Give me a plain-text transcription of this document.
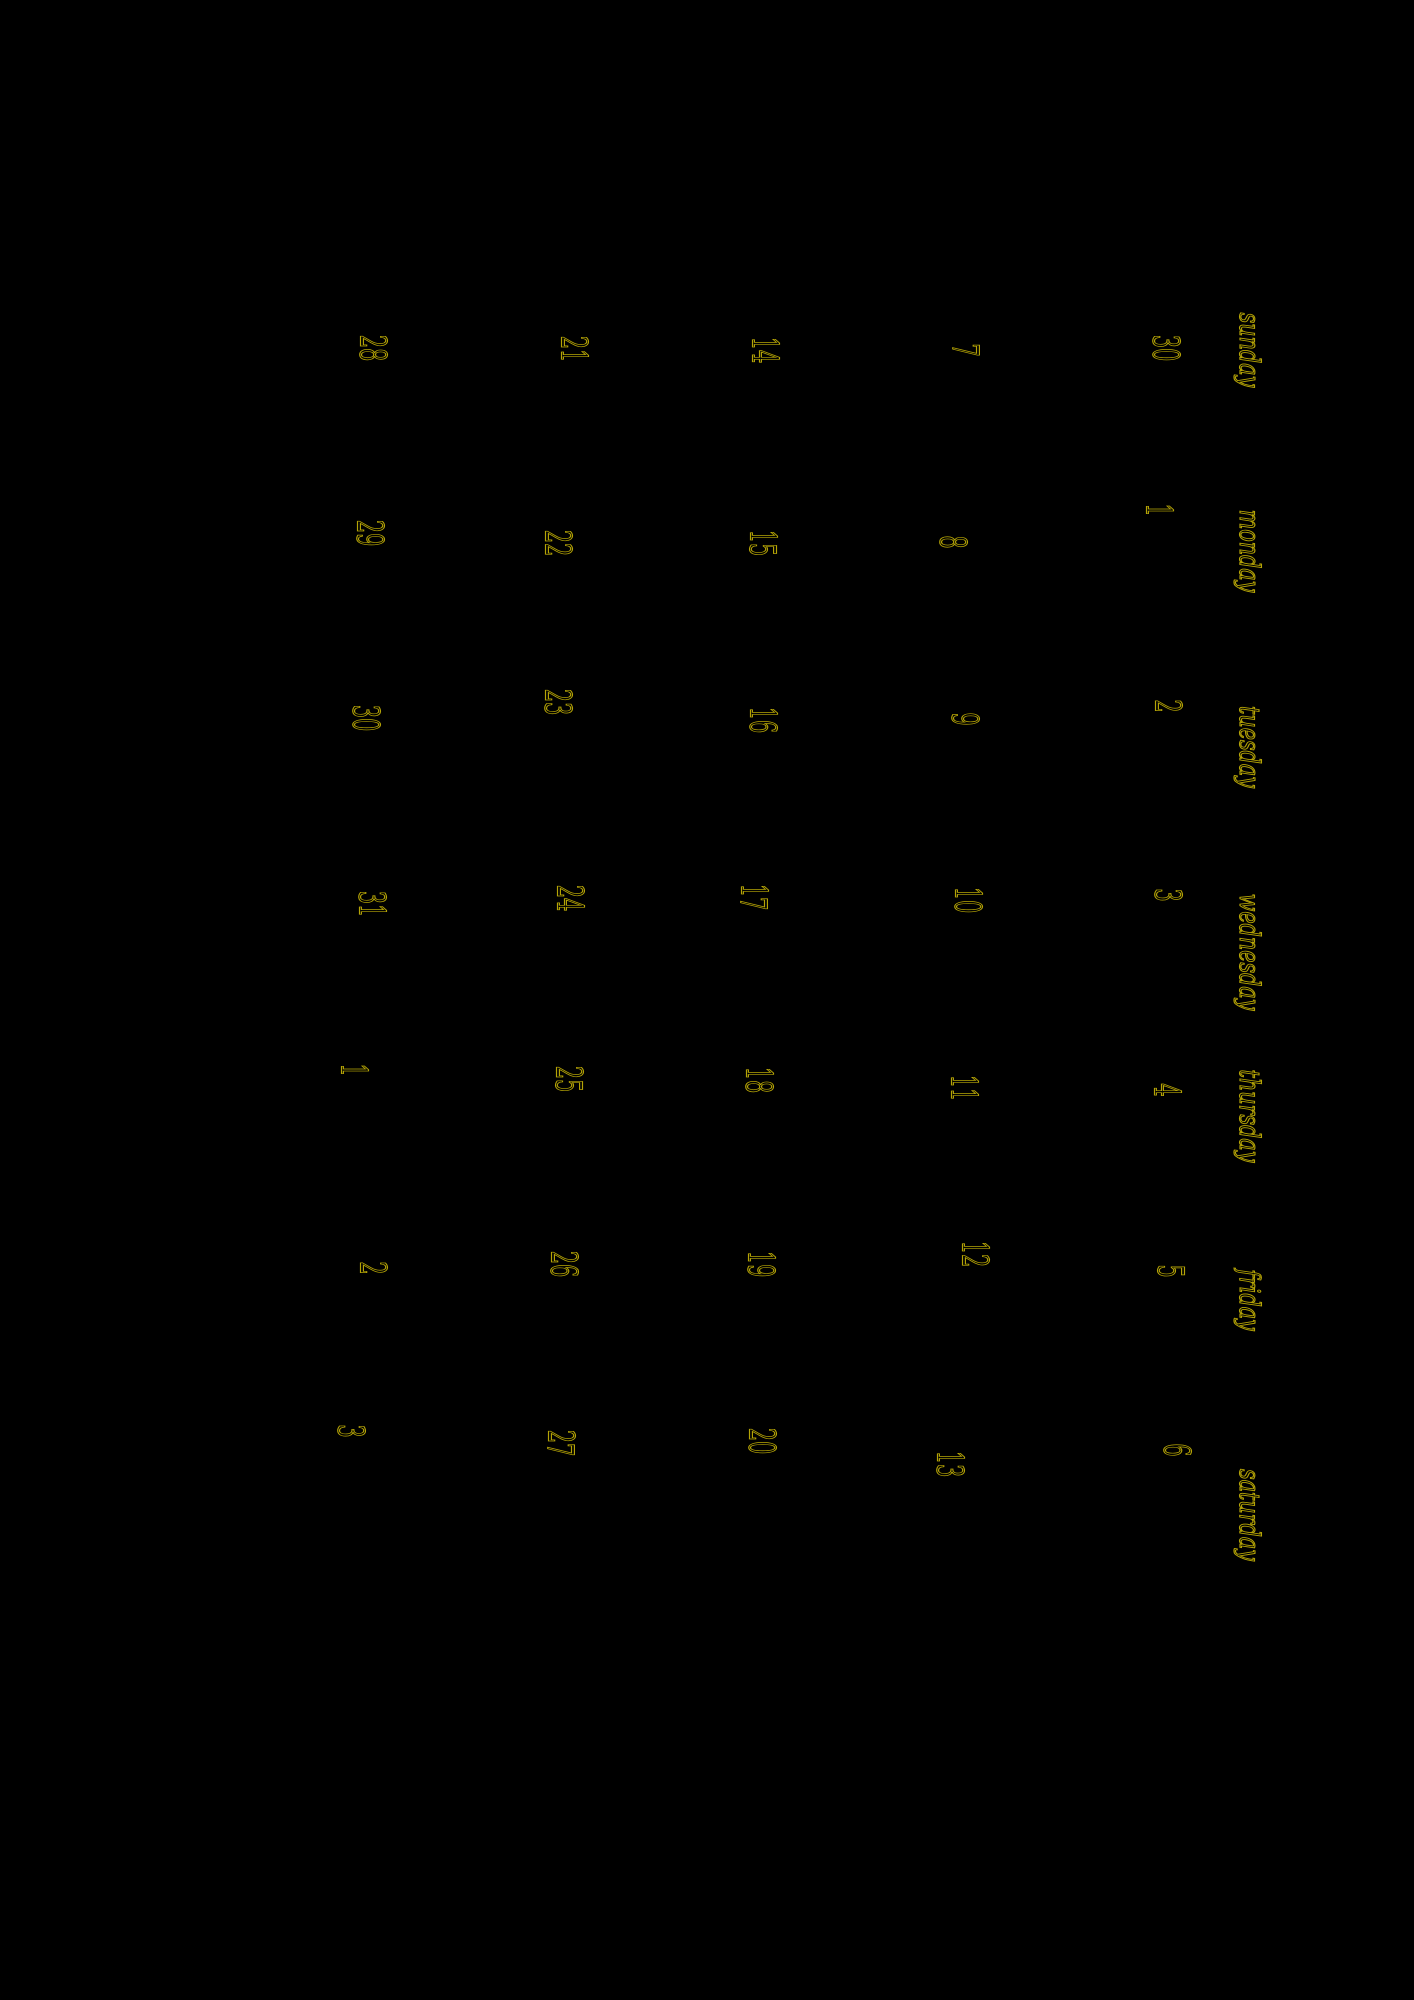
sunday
monday
tuesday
wednesday
thursday
friday
saturday
30
1
2
3
4
5
6
7
8
9
10
11
12
13
14
15
16
17
18
19
20
21
22
23
24
25
26
27
28
29
30
31
1
2
3
